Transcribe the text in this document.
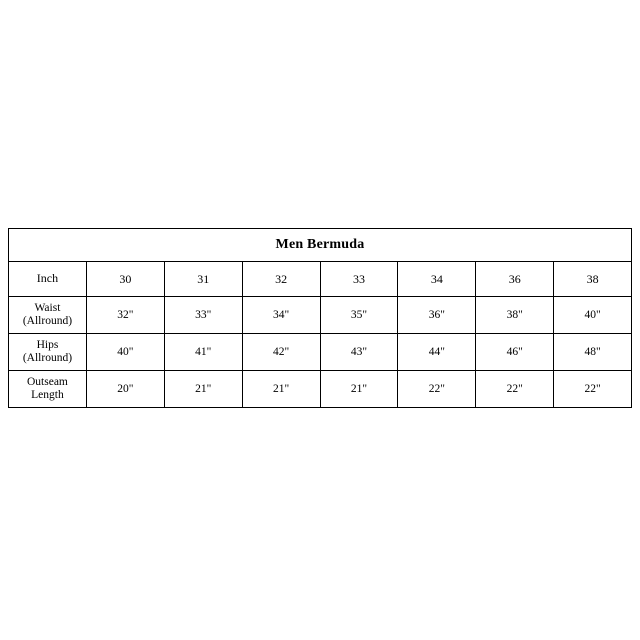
Men Bermuda							
Inch	30	31	32	33	34	36	38

Waist
(Allround)	32"	33"	34"	35"	36"	38"	40"

Hips
(Allround)	40"	41"	42"	43"	44"	46"	48"

Outseam
Length	20"	21"	21"	21"	22"	22"	22"
